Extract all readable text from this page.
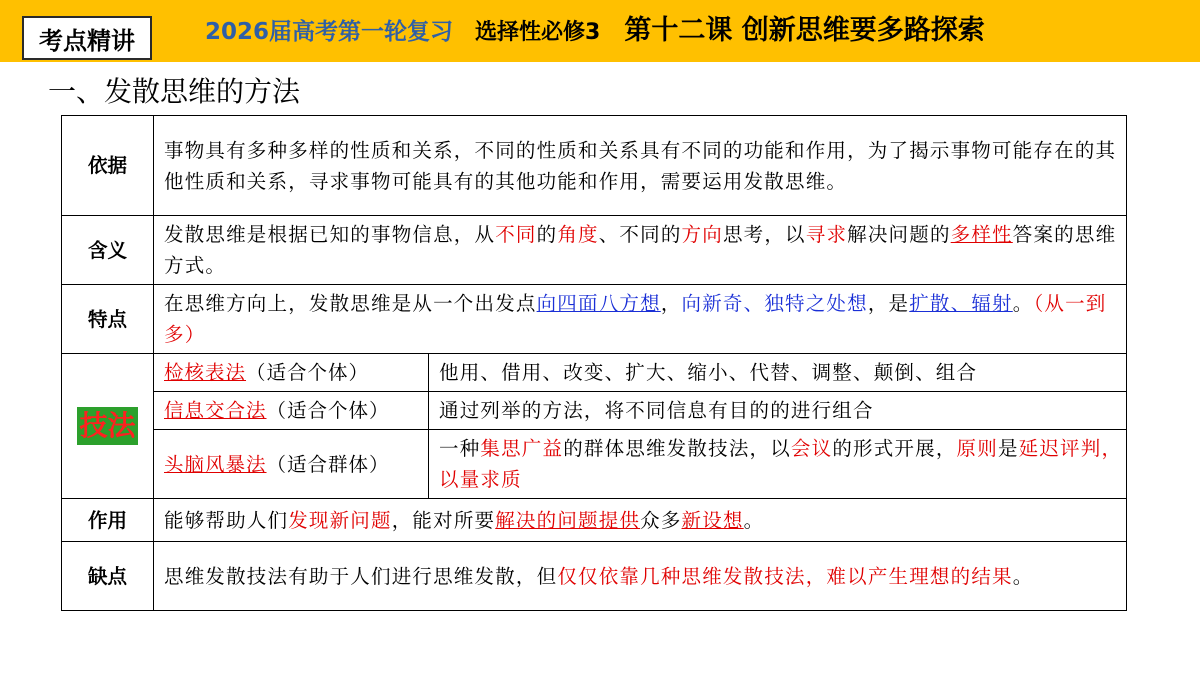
考点精讲	2026届高考第一轮复习 选择性必修3 第十二课 创新思维要多路探索
一、发散思维的方法
依据	事物具有多种多样的性质和关系，不同的性质和关系具有不同的功能和作用，为了揭示事物可能存在的其他性质和关系，寻求事物可能具有的其他功能和作用，需要运用发散思维。	
含义	发散思维是根据已知的事物信息，从不同的角度、不同的方向思考，以寻求解决问题的多样性答案的思维方式。	
特点	在思维方向上，发散思维是从一个出发点向四面八方想，向新奇、独特之处想，是扩散、辐射。（从一到多）	
技法	检核表法（适合个体）	他用、借用、改变、扩大、缩小、代替、调整、颠倒、组合
	信息交合法（适合个体）	通过列举的方法，将不同信息有目的的进行组合
	头脑风暴法（适合群体）	一种集思广益的群体思维发散技法，以会议的形式开展，原则是延迟评判，以量求质
作用	能够帮助人们发现新问题，能对所要解决的问题提供众多新设想。	
缺点	思维发散技法有助于人们进行思维发散，但仅仅依靠几种思维发散技法，难以产生理想的结果。	
